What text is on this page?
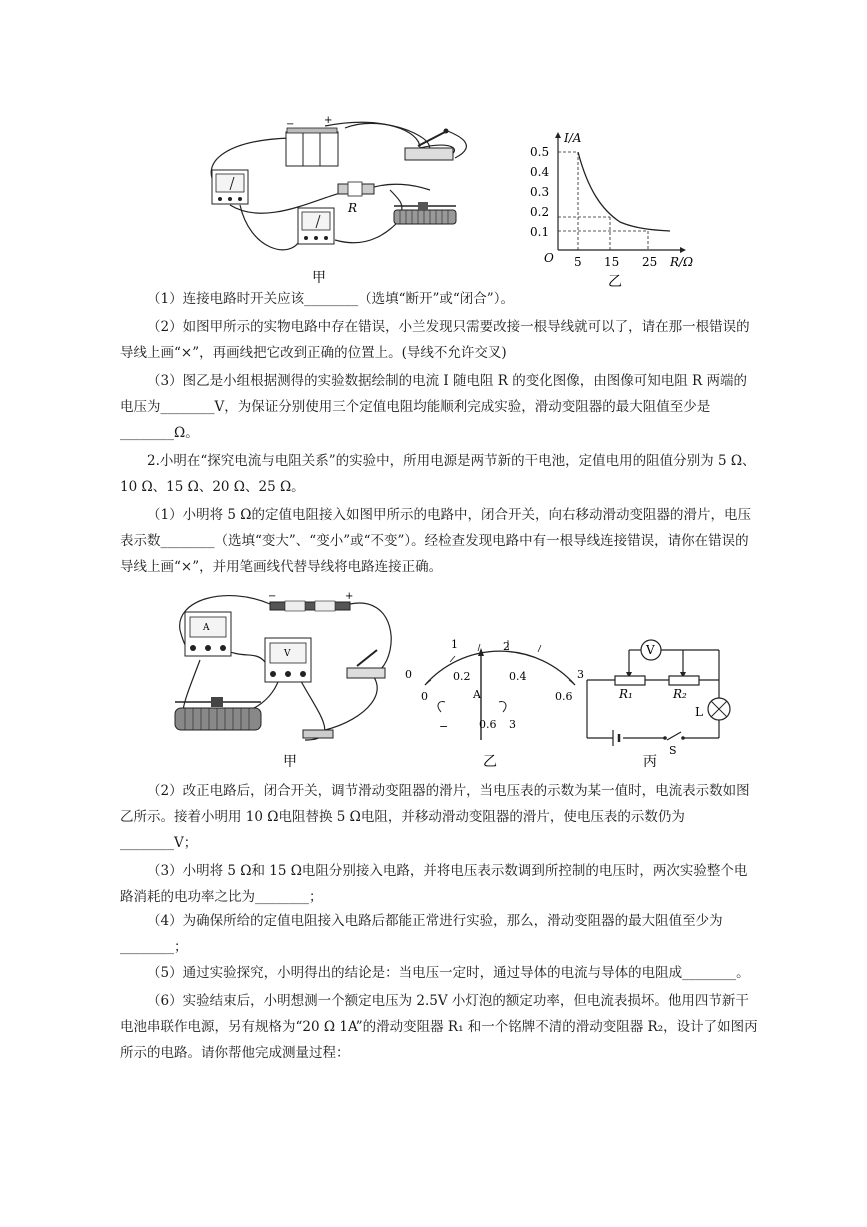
−	+
R
甲
I/A
R/Ω
O
0.5
0.4
0.3
0.2
0.1
5 15 25
乙
（1）连接电路时开关应该________（选填“断开”或“闭合”）。
（2）如图甲所示的实物电路中存在错误，小兰发现只需要改接一根导线就可以了，请在那一根错误的导线上画“×”，再画线把它改到正确的位置上。(导线不允许交叉)
（3）图乙是小组根据测得的实验数据绘制的电流 I 随电阻 R 的变化图像，由图像可知电阻 R 两端的电压为________V，为保证分别使用三个定值电阻均能顺利完成实验，滑动变阻器的最大阻值至少是________Ω。
2.小明在“探究电流与电阻关系”的实验中，所用电源是两节新的干电池，定值电用的阻值分别为 5 Ω、10 Ω、15 Ω、20 Ω、25 Ω。
（1）小明将 5 Ω的定值电阻接入如图甲所示的电路中，闭合开关，向右移动滑动变阻器的滑片，电压表示数________（选填“变大”、“变小”或“不变”）。经检查发现电路中有一根导线连接错误，请你在错误的导线上画“×”，并用笔画线代替导线将电路连接正确。
−	+
A
V
甲
0
1	2
3
0
0.2	0.4
0.6
A
−	0.6 3
乙
V
R₁	R₂
L
S
丙
（2）改正电路后，闭合开关，调节滑动变阻器的滑片，当电压表的示数为某一值时，电流表示数如图乙所示。接着小明用 10 Ω电阻替换 5 Ω电阻，并移动滑动变阻器的滑片，使电压表的示数仍为________V；
（3）小明将 5 Ω和 15 Ω电阻分别接入电路，并将电压表示数调到所控制的电压时，两次实验整个电路消耗的电功率之比为________；
（4）为确保所给的定值电阻接入电路后都能正常进行实验，那么，滑动变阻器的最大阻值至少为________；
（5）通过实验探究，小明得出的结论是：当电压一定时，通过导体的电流与导体的电阻成________。
（6）实验结束后，小明想测一个额定电压为 2.5V 小灯泡的额定功率，但电流表损坏。他用四节新干电池串联作电源，另有规格为“20 Ω 1A”的滑动变阻器 R₁ 和一个铭牌不清的滑动变阻器 R₂，设计了如图丙所示的电路。请你帮他完成测量过程：
